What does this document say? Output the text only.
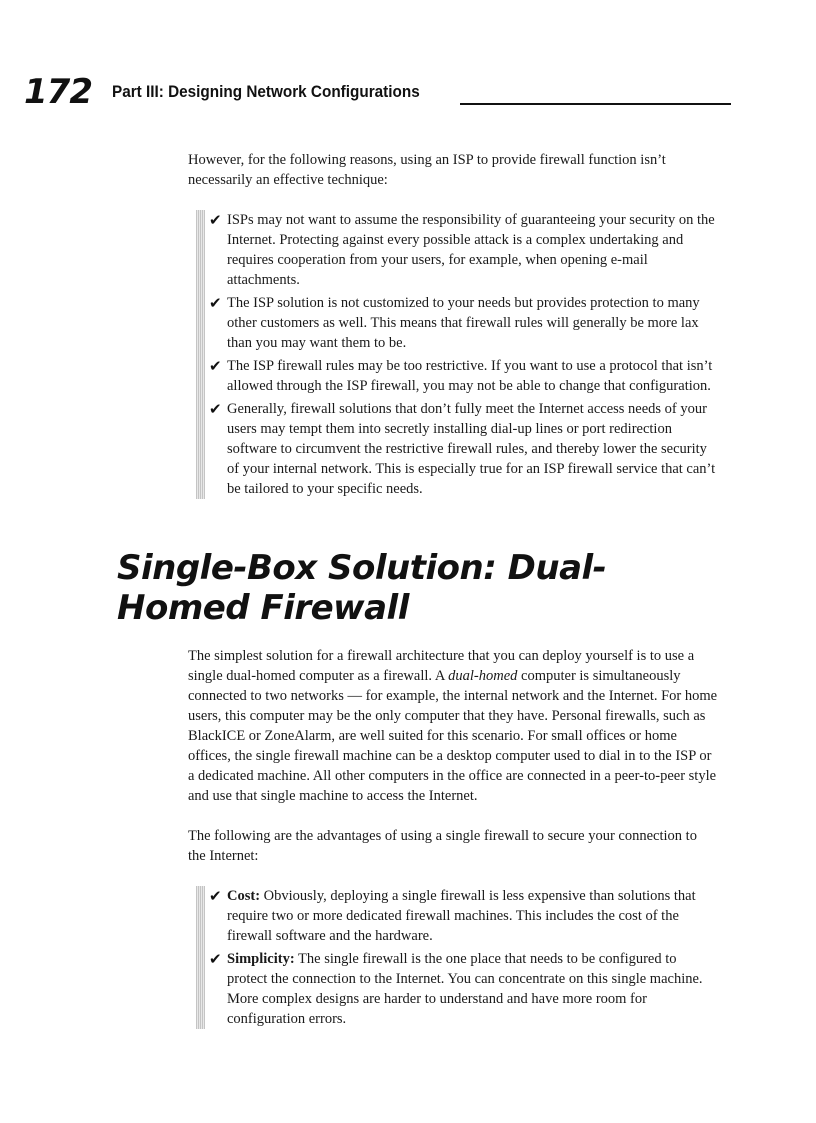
172 Part III: Designing Network Configurations

However, for the following reasons, using an ISP to provide firewall function isn’t necessarily an effective technique:

✔ ISPs may not want to assume the responsibility of guaranteeing your security on the Internet. Protecting against every possible attack is a complex undertaking and requires cooperation from your users, for example, when opening e-mail attachments.
✔ The ISP solution is not customized to your needs but provides protection to many other customers as well. This means that firewall rules will generally be more lax than you may want them to be.
✔ The ISP firewall rules may be too restrictive. If you want to use a protocol that isn’t allowed through the ISP firewall, you may not be able to change that configuration.
✔ Generally, firewall solutions that don’t fully meet the Internet access needs of your users may tempt them into secretly installing dial-up lines or port redirection software to circumvent the restrictive firewall rules, and thereby lower the security of your internal network. This is especially true for an ISP firewall service that can’t be tailored to your specific needs.
Single-Box Solution: Dual-Homed Firewall

The simplest solution for a firewall architecture that you can deploy yourself is to use a single dual-homed computer as a firewall. A dual-homed computer is simultaneously connected to two networks — for example, the internal network and the Internet. For home users, this computer may be the only computer that they have. Personal firewalls, such as BlackICE or ZoneAlarm, are well suited for this scenario. For small offices or home offices, the single firewall machine can be a desktop computer used to dial in to the ISP or a dedicated machine. All other computers in the office are connected in a peer-to-peer style and use that single machine to access the Internet.

The following are the advantages of using a single firewall to secure your connection to the Internet:

✔ Cost: Obviously, deploying a single firewall is less expensive than solutions that require two or more dedicated firewall machines. This includes the cost of the firewall software and the hardware.
✔ Simplicity: The single firewall is the one place that needs to be configured to protect the connection to the Internet. You can concentrate on this single machine. More complex designs are harder to understand and have more room for configuration errors.
